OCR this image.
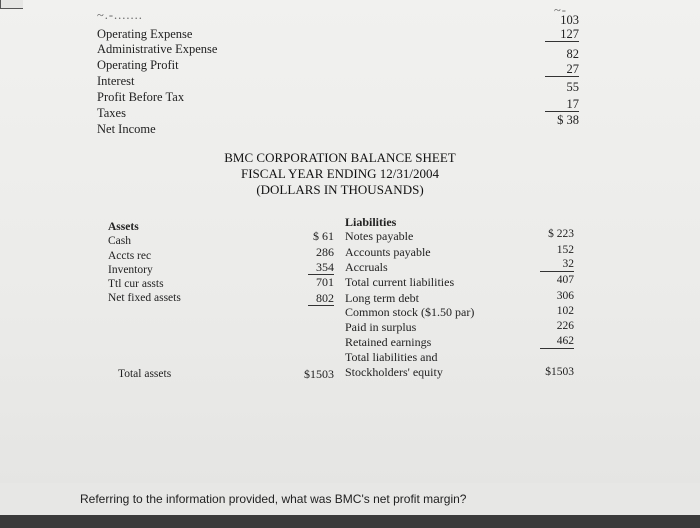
~.-.......	~-
Operating Expense
103
Administrative Expense
127
Operating Profit
82
Interest
27
Profit Before Tax
55
Taxes
17
Net Income
$ 38
BMC CORPORATION BALANCE SHEET
FISCAL YEAR ENDING 12/31/2004
(DOLLARS IN THOUSANDS)
Assets
Cash
Accts rec
Inventory
Ttl cur assts
Net fixed assets
Total assets
$ 61
286
354
701
802
$1503
Liabilities
Notes payable
Accounts payable
Accruals
Total current liabilities
Long term debt
Common stock ($1.50 par)
Paid in surplus
Retained earnings
Total liabilities and
Stockholders' equity
$ 223
152
32
407
306
102
226
462
$1503
Referring to the information provided, what was BMC's net profit margin?
